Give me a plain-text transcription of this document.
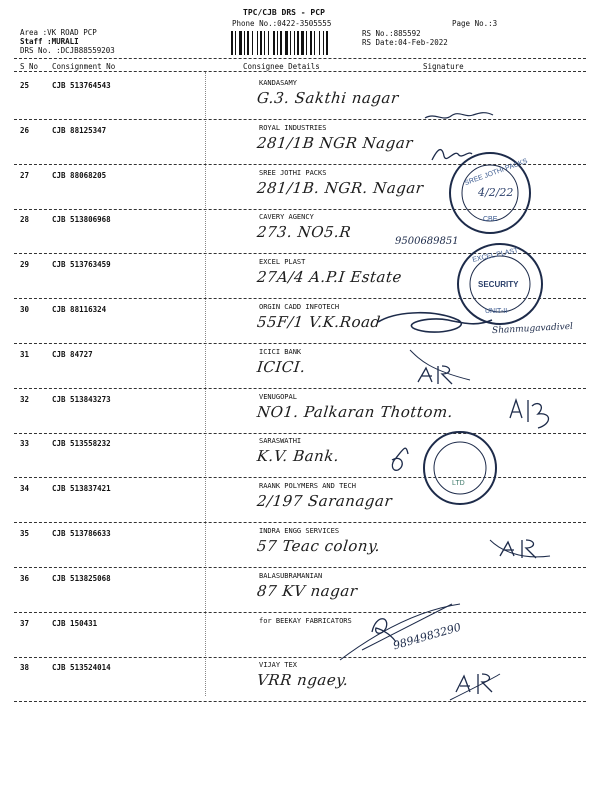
TPC/CJB DRS - PCP
Phone No.:0422-3505555	Page No.:3
Area :VK ROAD PCP
Staff :MURALI
DRS No. :DCJB88559203
RS No.:885592
RS Date:04-Feb-2022
S No Consignment No	Consignee Details	Signature
25	CJB 513764543	KANDASAMY
G.3. Sakthi nagar
26	CJB 88125347	ROYAL INDUSTRIES
281/1B NGR Nagar
27	CJB 88068205	SREE JOTHI PACKS
281/1B. NGR. Nagar
28	CJB 513806968	CAVERY AGENCY
273. NO5.R
29	CJB 513763459	EXCEL PLAST
27A/4 A.P.I Estate
30	CJB 88116324	ORGIN CADD INFOTECH
55F/1 V.K.Road
31	CJB 84727	ICICI BANK
ICICI.
32	CJB 513843273	VENUGOPAL
NO1. Palkaran Thottom.
33	CJB 513558232	SARASWATHI
K.V. Bank.
34	CJB 513837421	RAANK POLYMERS AND TECH
2/197 Saranagar
35	CJB 513786633	INDRA ENGG SERVICES
57 Teac colony.
36	CJB 513825068	BALASUBRAMANIAN
87 KV nagar
37	CJB 150431	for BEEKAY FABRICATORS
38	CJB 513524014	VIJAY TEX
VRR ngaey.
SREE JOTHI PACKS
4/2/22
CBE
EXCEL PLAST
SECURITY
UNIT-II
LTD
9500689851
Shanmugavadivel
9894983290
